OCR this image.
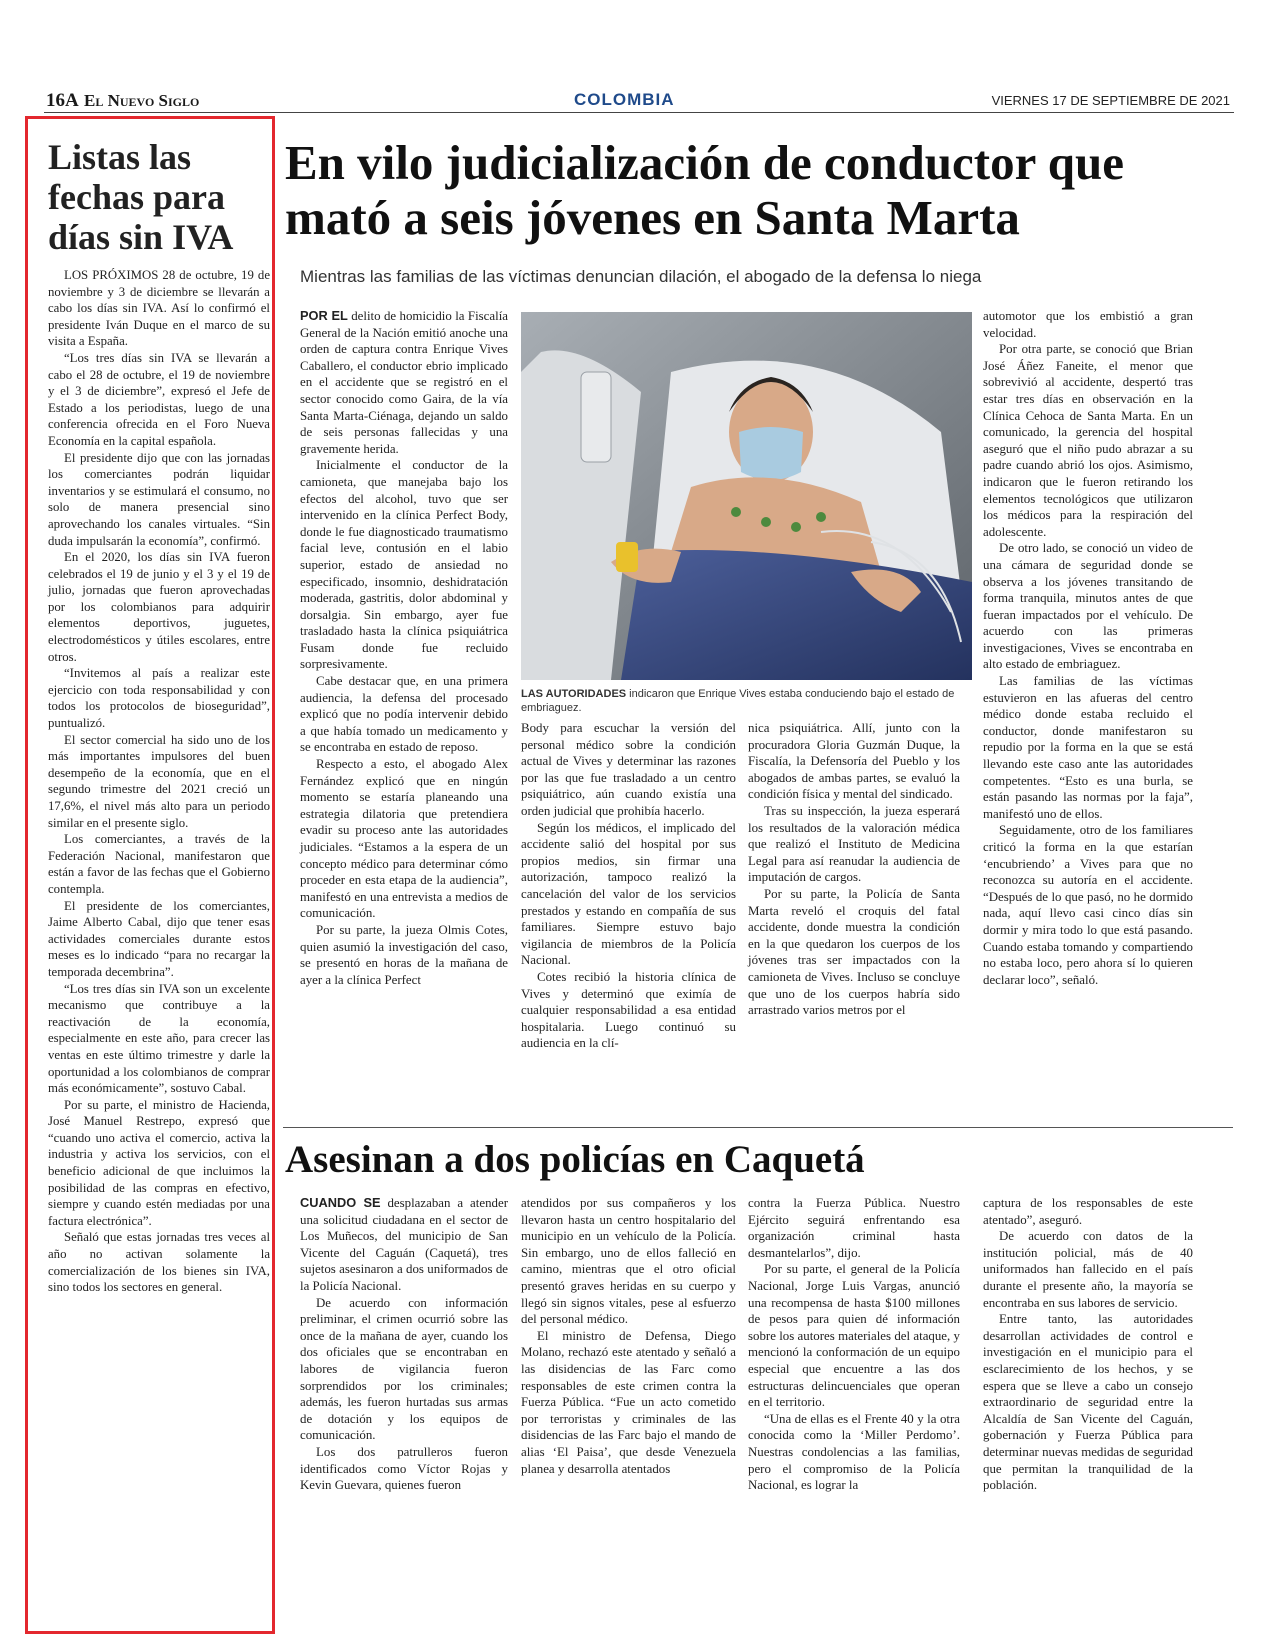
16A El Nuevo Siglo	COLOMBIA	VIERNES 17 DE SEPTIEMBRE DE 2021
Listas las fechas para días sin IVA

LOS PRÓXIMOS 28 de octubre, 19 de noviembre y 3 de diciembre se llevarán a cabo los días sin IVA. Así lo confirmó el presidente Iván Duque en el marco de su visita a España.

“Los tres días sin IVA se llevarán a cabo el 28 de octubre, el 19 de noviembre y el 3 de diciembre”, expresó el Jefe de Estado a los periodistas, luego de una conferencia ofrecida en el Foro Nueva Economía en la capital española.

El presidente dijo que con las jornadas los comerciantes podrán liquidar inventarios y se estimulará el consumo, no solo de manera presencial sino aprovechando los canales virtuales. “Sin duda impulsarán la economía”, confirmó.

En el 2020, los días sin IVA fueron celebrados el 19 de junio y el 3 y el 19 de julio, jornadas que fueron aprovechadas por los colombianos para adquirir elementos deportivos, juguetes, electrodomésticos y útiles escolares, entre otros.

“Invitemos al país a realizar este ejercicio con toda responsabilidad y con todos los protocolos de bioseguridad”, puntualizó.

El sector comercial ha sido uno de los más importantes impulsores del buen desempeño de la economía, que en el segundo trimestre del 2021 creció un 17,6%, el nivel más alto para un periodo similar en el presente siglo.

Los comerciantes, a través de la Federación Nacional, manifestaron que están a favor de las fechas que el Gobierno contempla.

El presidente de los comerciantes, Jaime Alberto Cabal, dijo que tener esas actividades comerciales durante estos meses es lo indicado “para no recargar la temporada decembrina”.

“Los tres días sin IVA son un excelente mecanismo que contribuye a la reactivación de la economía, especialmente en este año, para crecer las ventas en este último trimestre y darle la oportunidad a los colombianos de comprar más económicamente”, sostuvo Cabal.

Por su parte, el ministro de Hacienda, José Manuel Restrepo, expresó que “cuando uno activa el comercio, activa la industria y activa los servicios, con el beneficio adicional de que incluimos la posibilidad de las compras en efectivo, siempre y cuando estén mediadas por una factura electrónica”.

Señaló que estas jornadas tres veces al año no activan solamente la comercialización de los bienes sin IVA, sino todos los sectores en general.

En vilo judicialización de conductor que mató a seis jóvenes en Santa Marta
Mientras las familias de las víctimas denuncian dilación, el abogado de la defensa lo niega

POR EL delito de homicidio la Fiscalía General de la Nación emitió anoche una orden de captura contra Enrique Vives Caballero, el conductor ebrio implicado en el accidente que se registró en el sector conocido como Gaira, de la vía Santa Marta-Ciénaga, dejando un saldo de seis personas fallecidas y una gravemente herida.

Inicialmente el conductor de la camioneta, que manejaba bajo los efectos del alcohol, tuvo que ser intervenido en la clínica Perfect Body, donde le fue diagnosticado traumatismo facial leve, contusión en el labio superior, estado de ansiedad no especificado, insomnio, deshidratación moderada, gastritis, dolor abdominal y dorsalgia. Sin embargo, ayer fue trasladado hasta la clínica psiquiátrica Fusam donde fue recluido sorpresivamente.

Cabe destacar que, en una primera audiencia, la defensa del procesado explicó que no podía intervenir debido a que había tomado un medicamento y se encontraba en estado de reposo.

Respecto a esto, el abogado Alex Fernández explicó que en ningún momento se estaría planeando una estrategia dilatoria que pretendiera evadir su proceso ante las autoridades judiciales. “Estamos a la espera de un concepto médico para determinar cómo proceder en esta etapa de la audiencia”, manifestó en una entrevista a medios de comunicación.

Por su parte, la jueza Olmis Cotes, quien asumió la investigación del caso, se presentó en horas de la mañana de ayer a la clínica Perfect

LAS AUTORIDADES indicaron que Enrique Vives estaba conduciendo bajo el estado de embriaguez.

Body para escuchar la versión del personal médico sobre la condición actual de Vives y determinar las razones por las que fue trasladado a un centro psiquiátrico, aún cuando existía una orden judicial que prohibía hacerlo.

Según los médicos, el implicado del accidente salió del hospital por sus propios medios, sin firmar una autorización, tampoco realizó la cancelación del valor de los servicios prestados y estando en compañía de sus familiares. Siempre estuvo bajo vigilancia de miembros de la Policía Nacional.

Cotes recibió la historia clínica de Vives y determinó que eximía de cualquier responsabilidad a esa entidad hospitalaria. Luego continuó su audiencia en la clí-

nica psiquiátrica. Allí, junto con la procuradora Gloria Guzmán Duque, la Fiscalía, la Defensoría del Pueblo y los abogados de ambas partes, se evaluó la condición física y mental del sindicado.

Tras su inspección, la jueza esperará los resultados de la valoración médica que realizó el Instituto de Medicina Legal para así reanudar la audiencia de imputación de cargos.

Por su parte, la Policía de Santa Marta reveló el croquis del fatal accidente, donde muestra la condición en la que quedaron los cuerpos de los jóvenes tras ser impactados con la camioneta de Vives. Incluso se concluye que uno de los cuerpos habría sido arrastrado varios metros por el

automotor que los embistió a gran velocidad.

Por otra parte, se conoció que Brian José Áñez Faneite, el menor que sobrevivió al accidente, despertó tras estar tres días en observación en la Clínica Cehoca de Santa Marta. En un comunicado, la gerencia del hospital aseguró que el niño pudo abrazar a su padre cuando abrió los ojos. Asimismo, indicaron que le fueron retirando los elementos tecnológicos que utilizaron los médicos para la respiración del adolescente.

De otro lado, se conoció un video de una cámara de seguridad donde se observa a los jóvenes transitando de forma tranquila, minutos antes de que fueran impactados por el vehículo. De acuerdo con las primeras investigaciones, Vives se encontraba en alto estado de embriaguez.

Las familias de las víctimas estuvieron en las afueras del centro médico donde estaba recluido el conductor, donde manifestaron su repudio por la forma en la que se está llevando este caso ante las autoridades competentes. “Esto es una burla, se están pasando las normas por la faja”, manifestó uno de ellos.

Seguidamente, otro de los familiares criticó la forma en la que estarían ‘encubriendo’ a Vives para que no reconozca su autoría en el accidente. “Después de lo que pasó, no he dormido nada, aquí llevo casi cinco días sin dormir y mira todo lo que está pasando. Cuando estaba tomando y compartiendo no estaba loco, pero ahora sí lo quieren declarar loco”, señaló.

Asesinan a dos policías en Caquetá

CUANDO SE desplazaban a atender una solicitud ciudadana en el sector de Los Muñecos, del municipio de San Vicente del Caguán (Caquetá), tres sujetos asesinaron a dos uniformados de la Policía Nacional.

De acuerdo con información preliminar, el crimen ocurrió sobre las once de la mañana de ayer, cuando los dos oficiales que se encontraban en labores de vigilancia fueron sorprendidos por los criminales; además, les fueron hurtadas sus armas de dotación y los equipos de comunicación.

Los dos patrulleros fueron identificados como Víctor Rojas y Kevin Guevara, quienes fueron

atendidos por sus compañeros y los llevaron hasta un centro hospitalario del municipio en un vehículo de la Policía. Sin embargo, uno de ellos falleció en camino, mientras que el otro oficial presentó graves heridas en su cuerpo y llegó sin signos vitales, pese al esfuerzo del personal médico.

El ministro de Defensa, Diego Molano, rechazó este atentado y señaló a las disidencias de las Farc como responsables de este crimen contra la Fuerza Pública. “Fue un acto cometido por terroristas y criminales de las disidencias de las Farc bajo el mando de alias ‘El Paisa’, que desde Venezuela planea y desarrolla atentados

contra la Fuerza Pública. Nuestro Ejército seguirá enfrentando esa organización criminal hasta desmantelarlos”, dijo.

Por su parte, el general de la Policía Nacional, Jorge Luis Vargas, anunció una recompensa de hasta $100 millones de pesos para quien dé información sobre los autores materiales del ataque, y mencionó la conformación de un equipo especial que encuentre a las dos estructuras delincuenciales que operan en el territorio.

“Una de ellas es el Frente 40 y la otra conocida como la ‘Miller Perdomo’. Nuestras condolencias a las familias, pero el compromiso de la Policía Nacional, es lograr la

captura de los responsables de este atentado”, aseguró.

De acuerdo con datos de la institución policial, más de 40 uniformados han fallecido en el país durante el presente año, la mayoría se encontraba en sus labores de servicio.

Entre tanto, las autoridades desarrollan actividades de control e investigación en el municipio para el esclarecimiento de los hechos, y se espera que se lleve a cabo un consejo extraordinario de seguridad entre la Alcaldía de San Vicente del Caguán, gobernación y Fuerza Pública para determinar nuevas medidas de seguridad que permitan la tranquilidad de la población.
